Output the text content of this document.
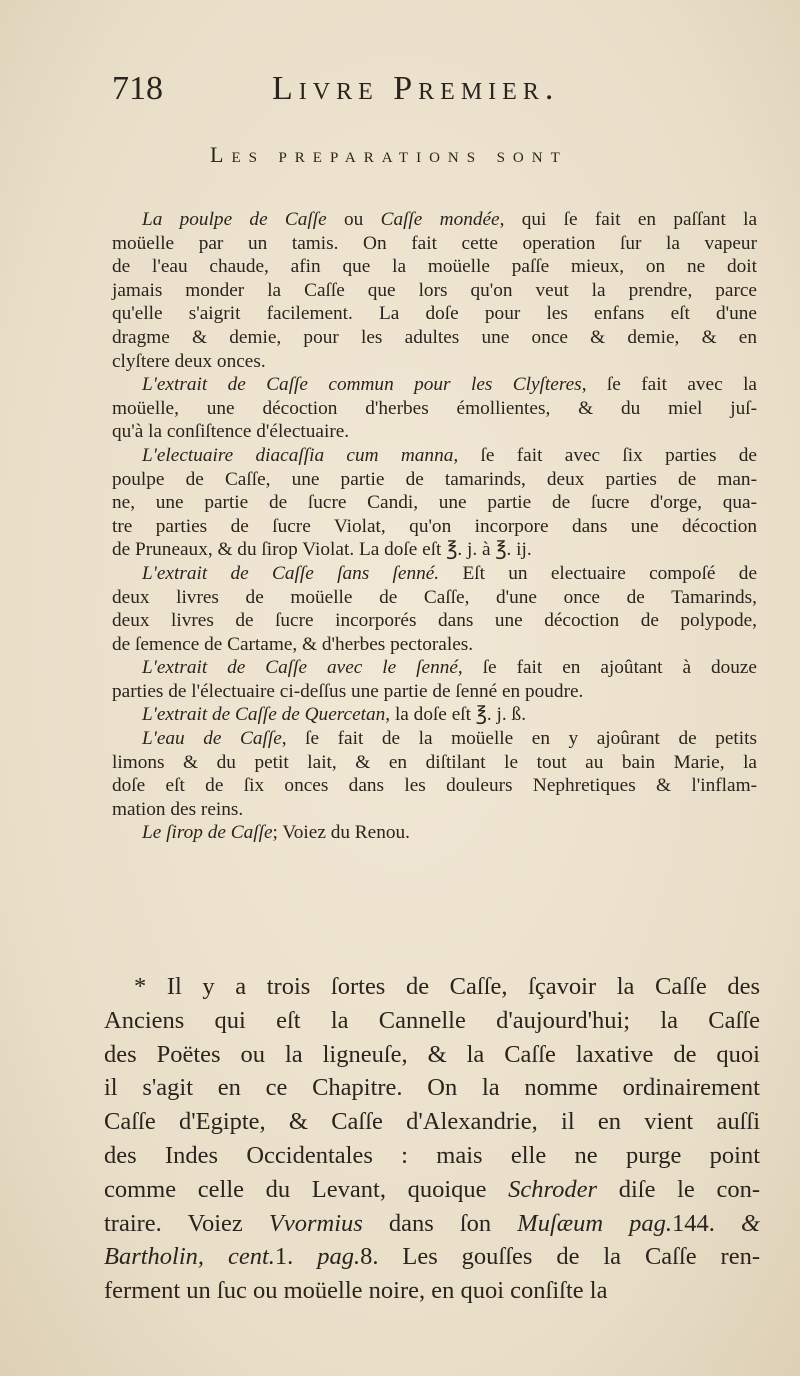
718	Livre Premier.
Les preparations sont
La poulpe de Caſſe ou Caſſe mondée, qui ſe fait en paſſant la
moüelle par un tamis. On fait cette operation ſur la vapeur
de l'eau chaude, afin que la moüelle paſſe mieux, on ne doit
jamais monder la Caſſe que lors qu'on veut la prendre, parce
qu'elle s'aigrit facilement. La doſe pour les enfans eſt d'une
dragme & demie, pour les adultes une once & demie, & en
clyſtere deux onces.
L'extrait de Caſſe commun pour les Clyſteres, ſe fait avec la
moüelle, une décoction d'herbes émollientes, & du miel juſ-
qu'à la conſiſtence d'électuaire.
L'electuaire diacaſſia cum manna, ſe fait avec ſix parties de
poulpe de Caſſe, une partie de tamarinds, deux parties de man-
ne, une partie de ſucre Candi, une partie de ſucre d'orge, qua-
tre parties de ſucre Violat, qu'on incorpore dans une décoction
de Pruneaux, & du ſirop Violat. La doſe eſt ℥. j. à ℥. ij.
L'extrait de Caſſe ſans ſenné. Eſt un electuaire compoſé de
deux livres de moüelle de Caſſe, d'une once de Tamarinds,
deux livres de ſucre incorporés dans une décoction de polypode,
de ſemence de Cartame, & d'herbes pectorales.
L'extrait de Caſſe avec le ſenné, ſe fait en ajoûtant à douze
parties de l'électuaire ci-deſſus une partie de ſenné en poudre.
L'extrait de Caſſe de Quercetan, la doſe eſt ℥. j. ß.
L'eau de Caſſe, ſe fait de la moüelle en y ajoûrant de petits
limons & du petit lait, & en diſtilant le tout au bain Marie, la
doſe eſt de ſix onces dans les douleurs Nephretiques & l'inflam-
mation des reins.
Le ſirop de Caſſe; Voiez du Renou.
* Il y a trois ſortes de Caſſe, ſçavoir la Caſſe des
Anciens qui eſt la Cannelle d'aujourd'hui; la Caſſe
des Poëtes ou la ligneuſe, & la Caſſe laxative de quoi
il s'agit en ce Chapitre. On la nomme ordinairement
Caſſe d'Egipte, & Caſſe d'Alexandrie, il en vient auſſi
des Indes Occidentales : mais elle ne purge point
comme celle du Levant, quoique Schroder diſe le con-
traire. Voiez Vvormius dans ſon Muſæum pag.144. &
Bartholin, cent.1. pag.8. Les gouſſes de la Caſſe ren-
ferment un ſuc ou moüelle noire, en quoi conſiſte la
